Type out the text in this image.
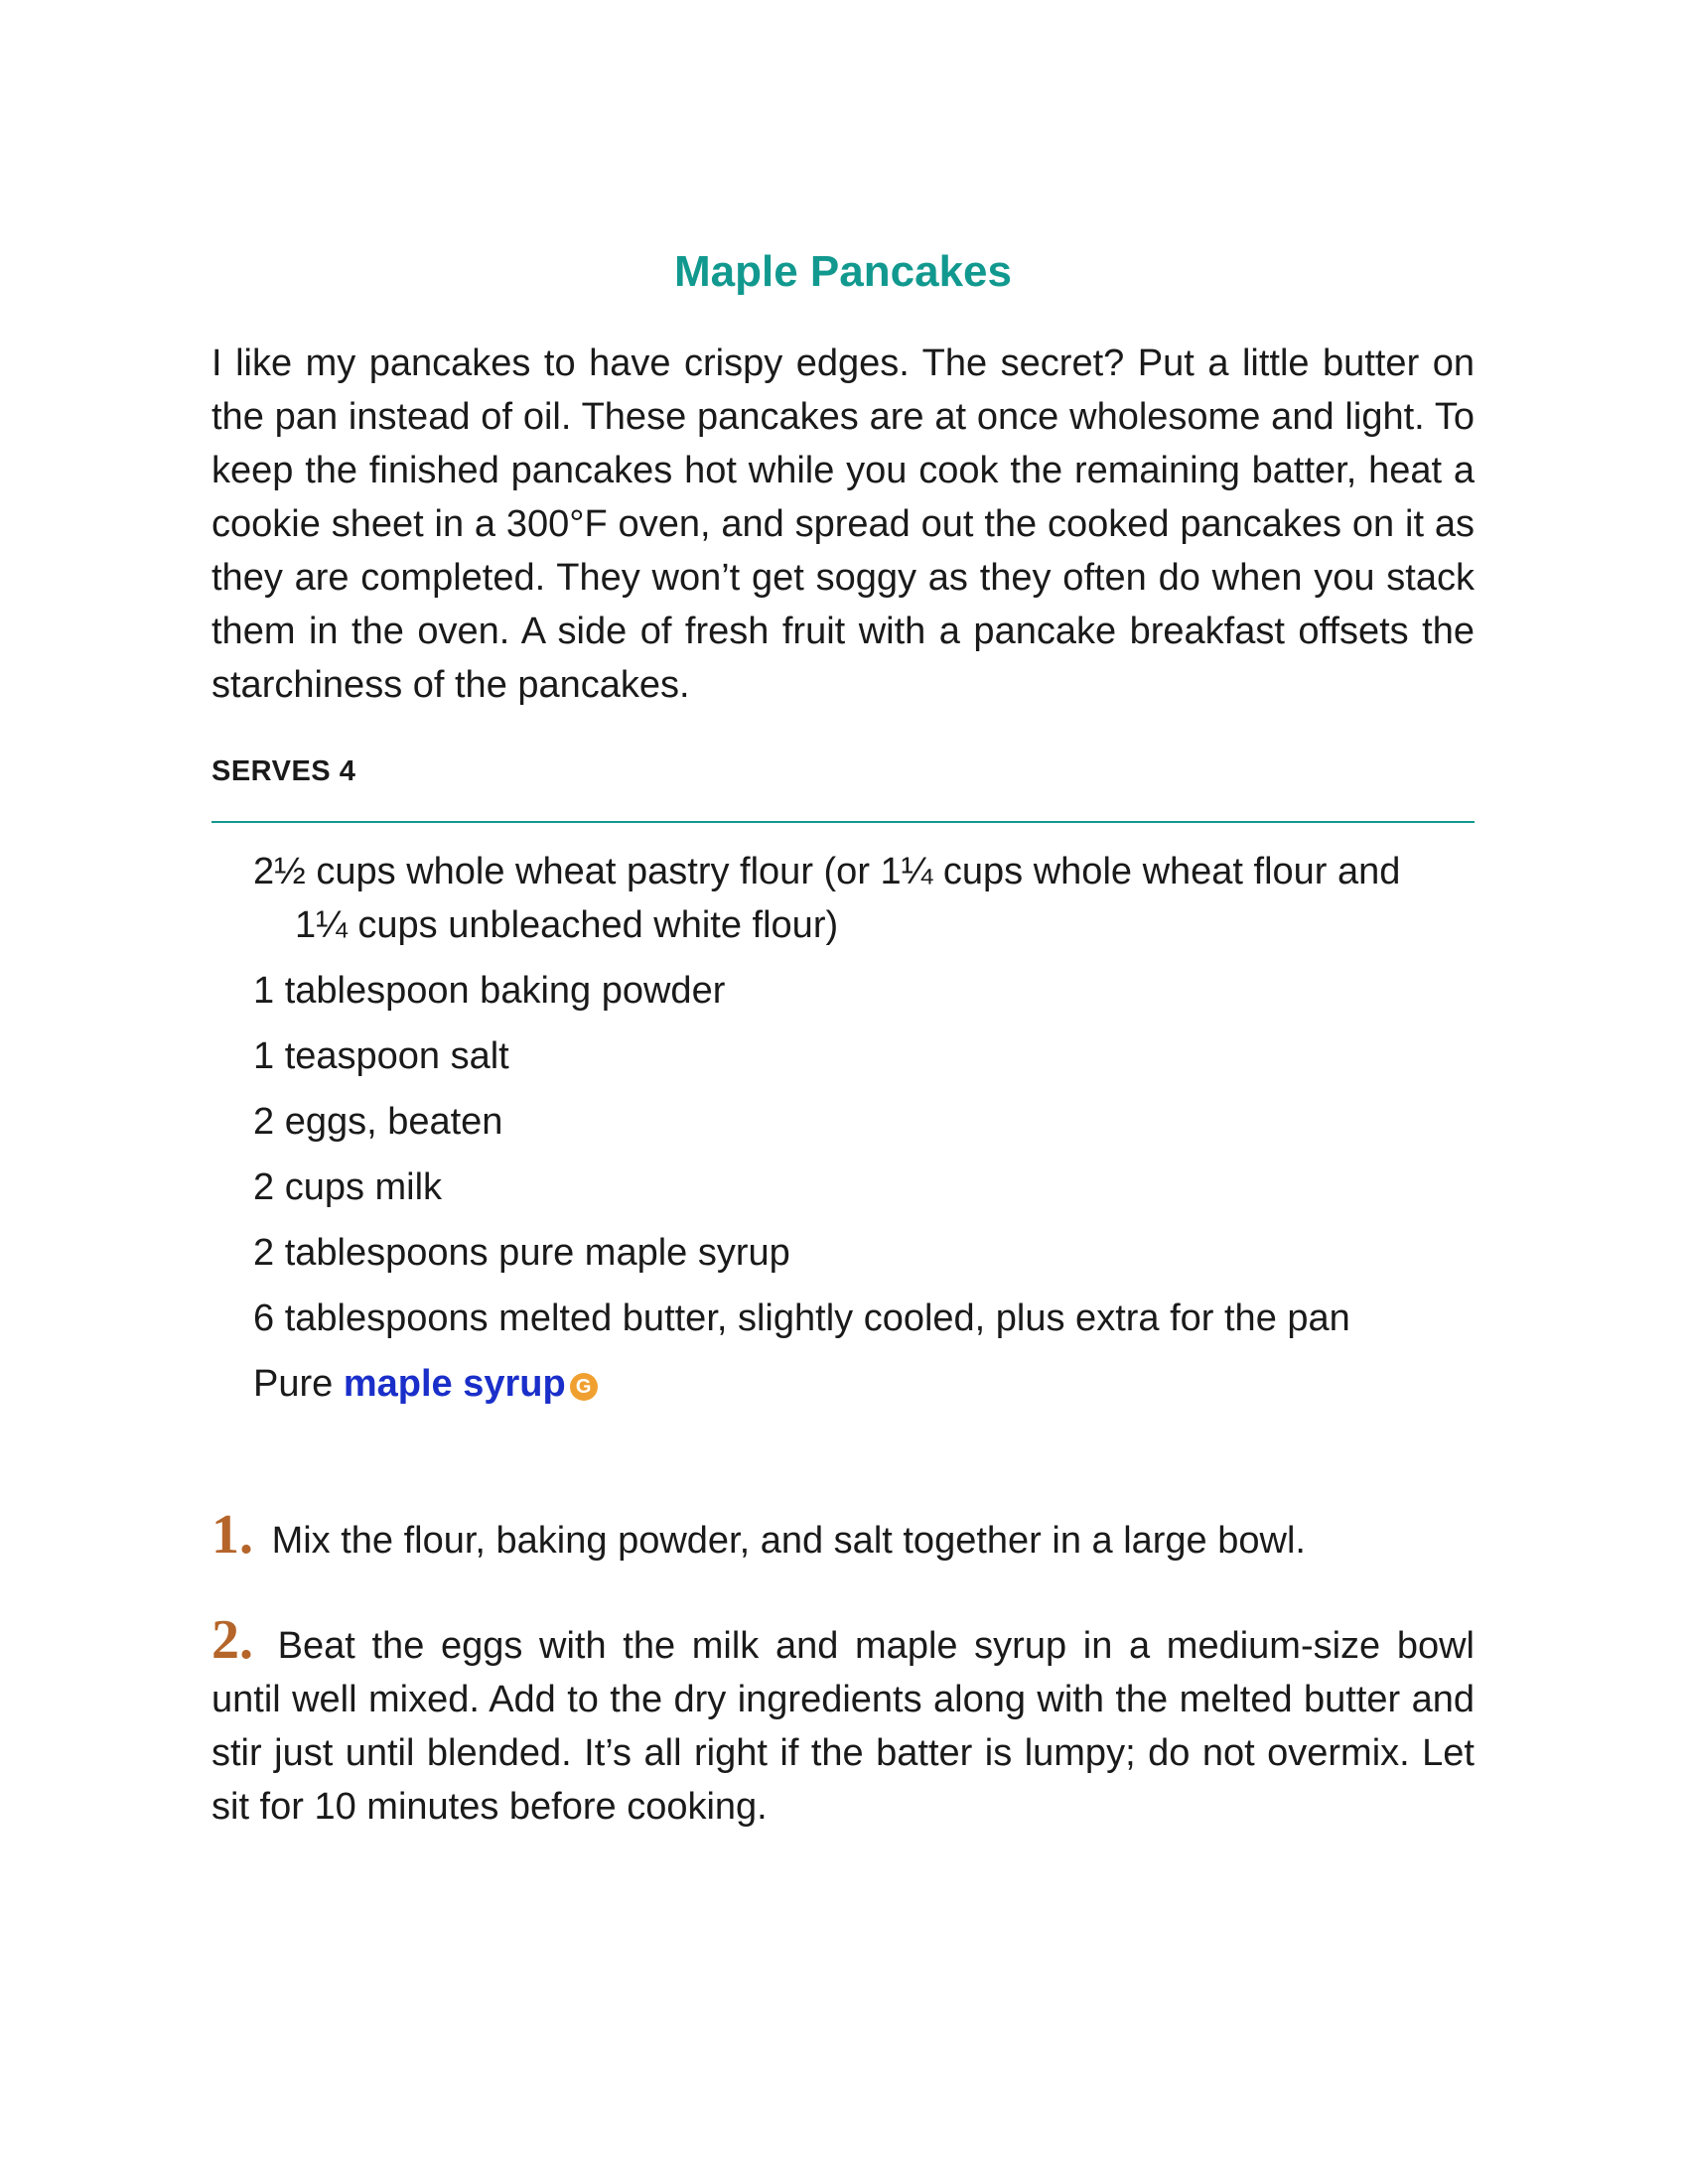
Maple Pancakes

I like my pancakes to have crispy edges. The secret? Put a little butter on the pan instead of oil. These pancakes are at once wholesome and light. To keep the finished pancakes hot while you cook the remaining batter, heat a cookie sheet in a 300°F oven, and spread out the cooked pancakes on it as they are completed. They won’t get soggy as they often do when you stack them in the oven. A side of fresh fruit with a pancake breakfast offsets the starchiness of the pancakes.

SERVES 4
2½ cups whole wheat pastry flour (or 1¼ cups whole wheat flour and 1¼ cups unbleached white flour)
1 tablespoon baking powder
1 teaspoon salt
2 eggs, beaten
2 cups milk
2 tablespoons pure maple syrup
6 tablespoons melted butter, slightly cooled, plus extra for the pan
Pure maple syrup G

1. Mix the flour, baking powder, and salt together in a large bowl.

2. Beat the eggs with the milk and maple syrup in a medium-size bowl until well mixed. Add to the dry ingredients along with the melted butter and stir just until blended. It’s all right if the batter is lumpy; do not overmix. Let sit for 10 minutes before cooking.
